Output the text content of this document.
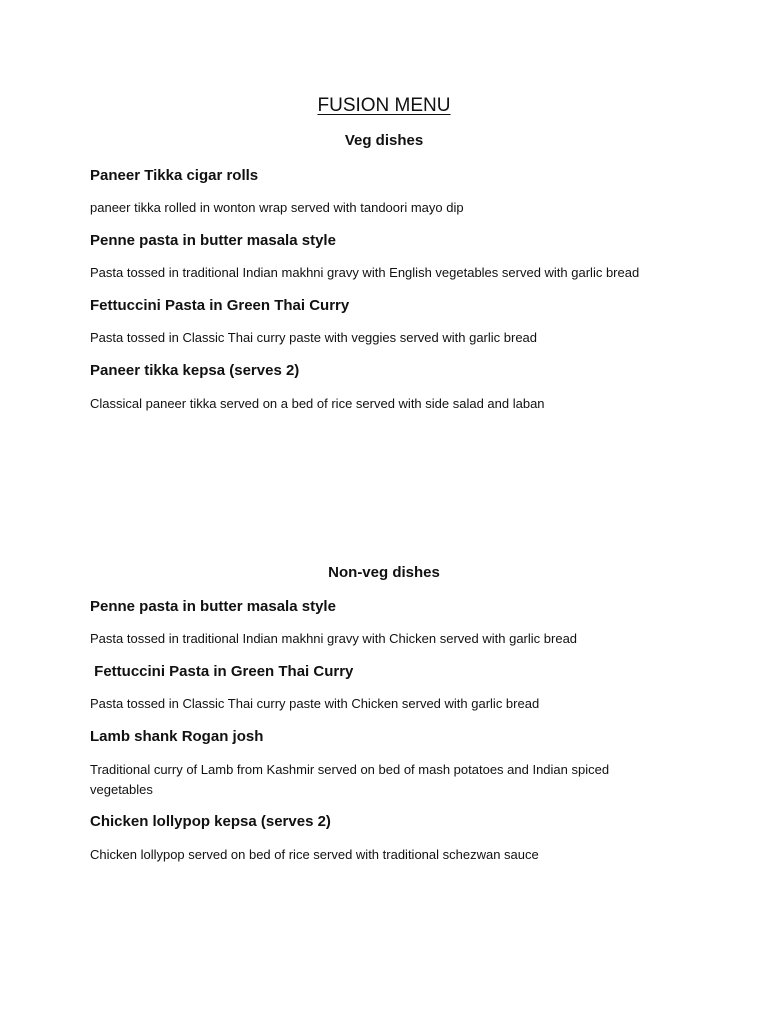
FUSION MENU
Veg dishes
Paneer Tikka cigar rolls
paneer tikka rolled in wonton wrap served with tandoori mayo dip
Penne pasta in butter masala style
Pasta tossed in traditional Indian makhni gravy with English vegetables served with garlic bread
Fettuccini Pasta in Green Thai Curry
Pasta tossed in Classic Thai curry paste with veggies served with garlic bread
Paneer tikka kepsa (serves 2)
Classical paneer tikka served on a bed of rice served with side salad and laban
Non-veg dishes
Penne pasta in butter masala style
Pasta tossed in traditional Indian makhni gravy with Chicken served with garlic bread
Fettuccini Pasta in Green Thai Curry
Pasta tossed in Classic Thai curry paste with Chicken served with garlic bread
Lamb shank Rogan josh
Traditional curry of Lamb from Kashmir served on bed of mash potatoes and Indian spiced vegetables
Chicken lollypop kepsa (serves 2)
Chicken lollypop served on bed of rice served with traditional schezwan sauce
